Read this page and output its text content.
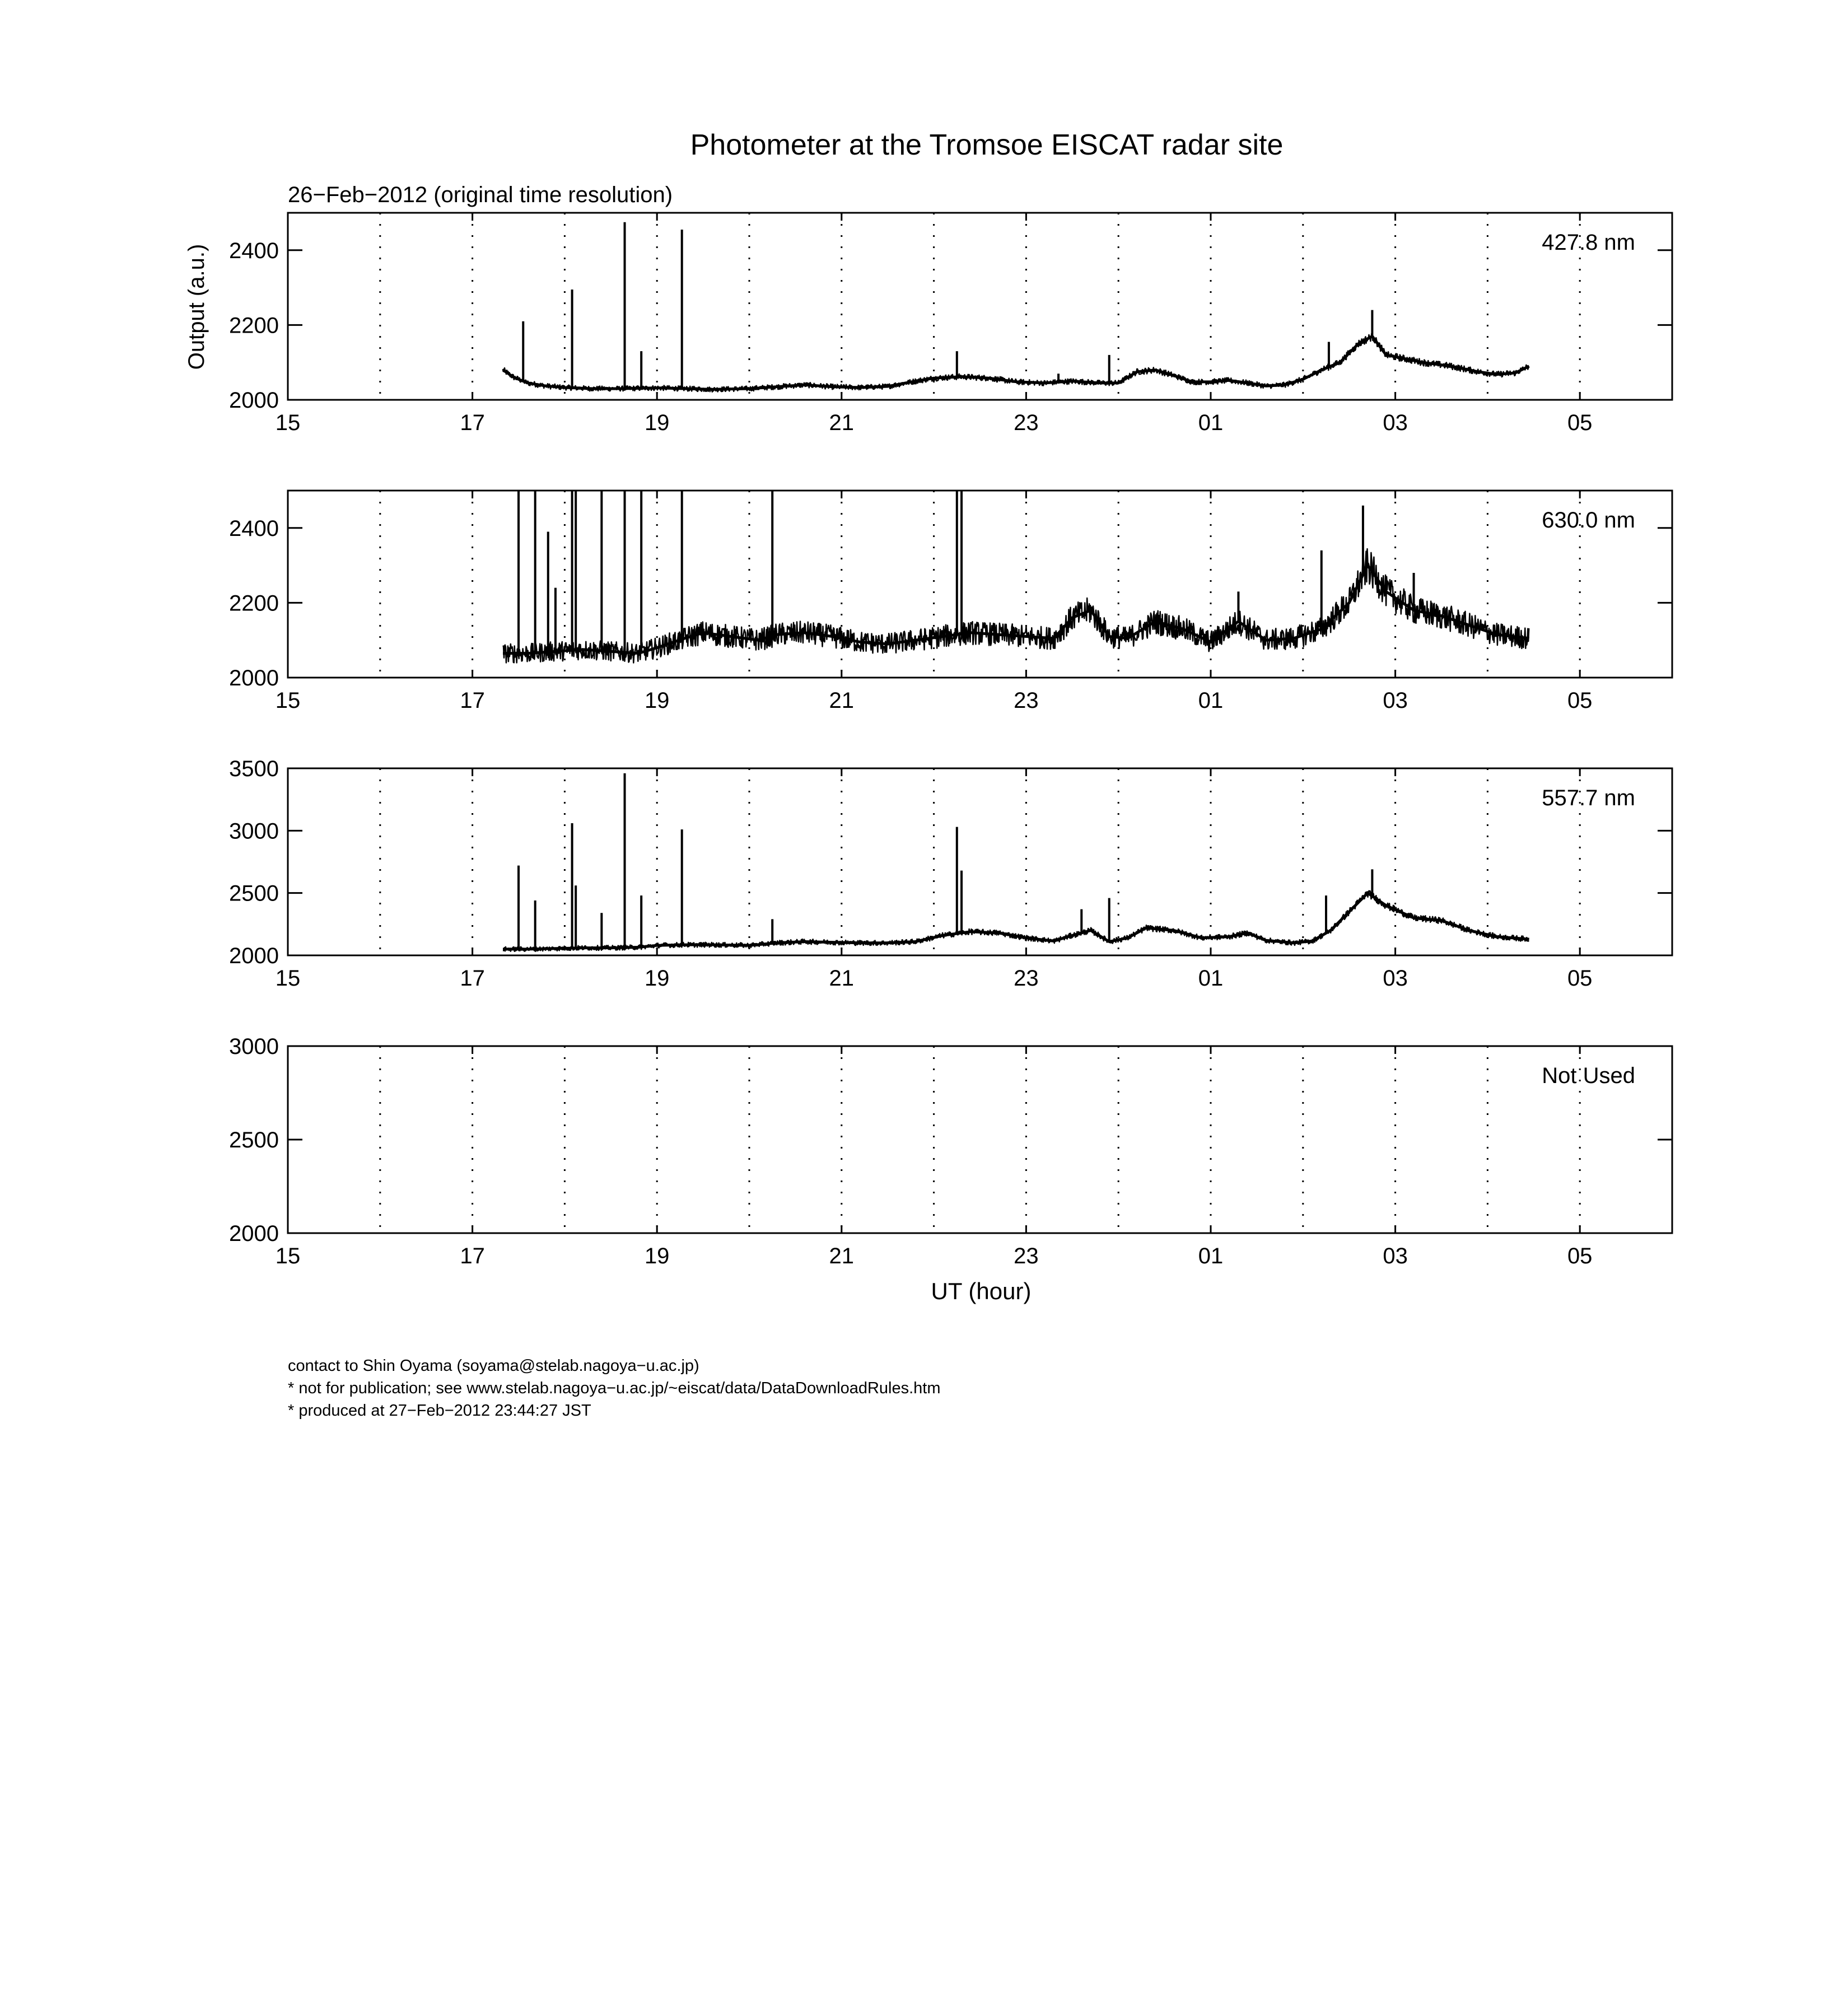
Photometer at the Tromsoe EISCAT radar site
26−Feb−2012 (original time resolution)
Output (a.u.)
15	17	19	21	23	01	03	05
2000
2200
2400	427.8 nm
15	17	19	21	23	01	03	05
2000
2200
2400	630.0 nm
15	17	19	21	23	01	03	05
2000
2500
3000
3500
557.7 nm
15	17	19	21	23	01	03	05
2000
2500
3000
Not Used
UT (hour)
contact to Shin Oyama (soyama@stelab.nagoya−u.ac.jp)
* not for publication; see www.stelab.nagoya−u.ac.jp/~eiscat/data/DataDownloadRules.htm
* produced at 27−Feb−2012 23:44:27 JST
